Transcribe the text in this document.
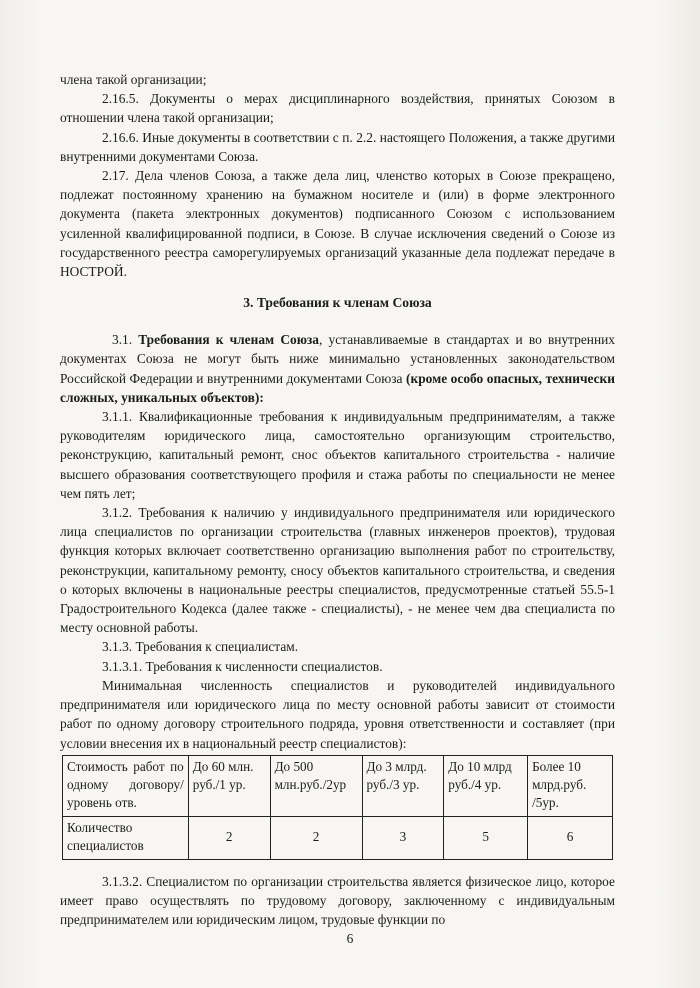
члена такой организации;

2.16.5. Документы о мерах дисциплинарного воздействия, принятых Союзом в отношении члена такой организации;

2.16.6. Иные документы в соответствии с п. 2.2. настоящего Положения, а также другими внутренними документами Союза.

2.17. Дела членов Союза, а также дела лиц, членство которых в Союзе прекращено, подлежат постоянному хранению на бумажном носителе и (или) в форме электронного документа (пакета электронных документов) подписанного Союзом с использованием усиленной квалифицированной подписи, в Союзе. В случае исключения сведений о Союзе из государственного реестра саморегулируемых организаций указанные дела подлежат передаче в НОСТРОЙ.

3. Требования к членам Союза

3.1. Требования к членам Союза, устанавливаемые в стандартах и во внутренних документах Союза не могут быть ниже минимально установленных законодательством Российской Федерации и внутренними документами Союза (кроме особо опасных, технически сложных, уникальных объектов):

3.1.1. Квалификационные требования к индивидуальным предпринимателям, а также руководителям юридического лица, самостоятельно организующим строительство, реконструкцию, капитальный ремонт, снос объектов капитального строительства - наличие высшего образования соответствующего профиля и стажа работы по специальности не менее чем пять лет;

3.1.2. Требования к наличию у индивидуального предпринимателя или юридического лица специалистов по организации строительства (главных инженеров проектов), трудовая функция которых включает соответственно организацию выполнения работ по строительству, реконструкции, капитальному ремонту, сносу объектов капитального строительства, и сведения о которых включены в национальные реестры специалистов, предусмотренные статьей 55.5-1 Градостроительного Кодекса (далее также - специалисты), - не менее чем два специалиста по месту основной работы.

3.1.3. Требования к специалистам.

3.1.3.1. Требования к численности специалистов.

Минимальная численность специалистов и руководителей индивидуального предпринимателя или юридического лица по месту основной работы зависит от стоимости работ по одному договору строительного подряда, уровня ответственности и составляет (при условии внесения их в национальный реестр специалистов):

Стоимость работ по одному договору/ уровень отв.	До 60 млн. руб./1 ур.	До 500 млн.руб./2ур	До 3 млрд. руб./3 ур.	До 10 млрд руб./4 ур.	Более 10 млрд.руб. /5ур.
Количество специалистов	2	2	3	5	6

3.1.3.2. Специалистом по организации строительства является физическое лицо, которое имеет право осуществлять по трудовому договору, заключенному с индивидуальным предпринимателем или юридическим лицом, трудовые функции по

6
